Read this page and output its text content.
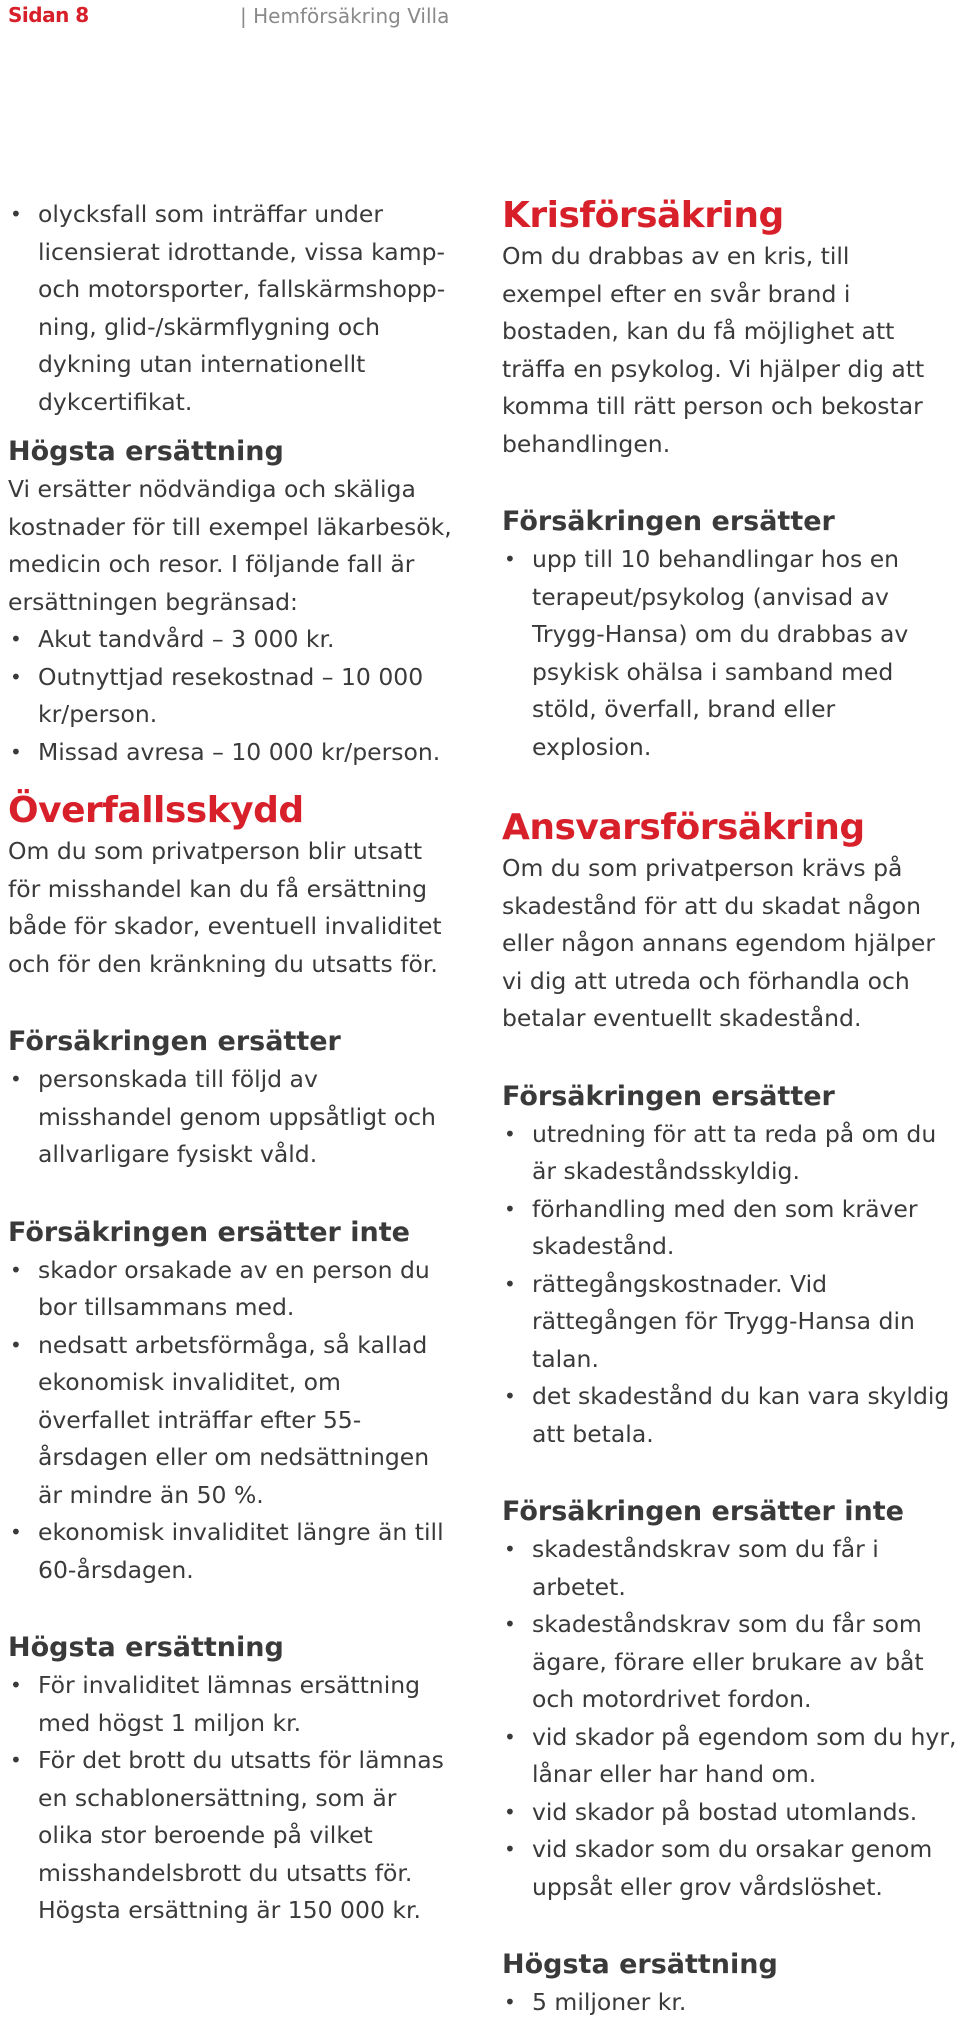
Sidan 8	| Hemförsäkring Villa
• olycksfall som inträffar under licensierat idrottande, vissa kamp- och motorsporter, fallskärmshopp- ning, glid-/skärmflygning och dykning utan internationellt dykcertifikat.
Högsta ersättning

Vi ersätter nödvändiga och skäliga kostnader för till exempel läkarbesök, medicin och resor. I följande fall är ersättningen begränsad:

• Akut tandvård – 3 000 kr.
• Outnyttjad resekostnad – 10 000 kr/person.
• Missad avresa – 10 000 kr/person.
Överfallsskydd

Om du som privatperson blir utsatt för misshandel kan du få ersättning både för skador, eventuell invaliditet och för den kränkning du utsatts för.

Försäkringen ersätter
• personskada till följd av misshandel genom uppsåtligt och allvarligare fysiskt våld.
Försäkringen ersätter inte
• skador orsakade av en person du bor tillsammans med.
• nedsatt arbetsförmåga, så kallad ekonomisk invaliditet, om överfallet inträffar efter 55-årsdagen eller om nedsättningen är mindre än 50 %.
• ekonomisk invaliditet längre än till 60-årsdagen.
Högsta ersättning
• För invaliditet lämnas ersättning med högst 1 miljon kr.
• För det brott du utsatts för lämnas en schablonersättning, som är olika stor beroende på vilket misshandelsbrott du utsatts för. Högsta ersättning är 150 000 kr.
Krisförsäkring

Om du drabbas av en kris, till exempel efter en svår brand i bostaden, kan du få möjlighet att träffa en psykolog. Vi hjälper dig att komma till rätt person och bekostar behandlingen.

Försäkringen ersätter
• upp till 10 behandlingar hos en terapeut/psykolog (anvisad av Trygg-Hansa) om du drabbas av psykisk ohälsa i samband med stöld, överfall, brand eller explosion.
Ansvarsförsäkring

Om du som privatperson krävs på skadestånd för att du skadat någon eller någon annans egendom hjälper vi dig att utreda och förhandla och betalar eventuellt skadestånd.

Försäkringen ersätter
• utredning för att ta reda på om du är skadeståndsskyldig.
• förhandling med den som kräver skadestånd.
• rättegångskostnader. Vid rättegången för Trygg-Hansa din talan.
• det skadestånd du kan vara skyldig att betala.
Försäkringen ersätter inte
• skadeståndskrav som du får i arbetet.
• skadeståndskrav som du får som ägare, förare eller brukare av båt och motordrivet fordon.
• vid skador på egendom som du hyr, lånar eller har hand om.
• vid skador på bostad utomlands.
• vid skador som du orsakar genom uppsåt eller grov vårdslöshet.
Högsta ersättning
• 5 miljoner kr.
